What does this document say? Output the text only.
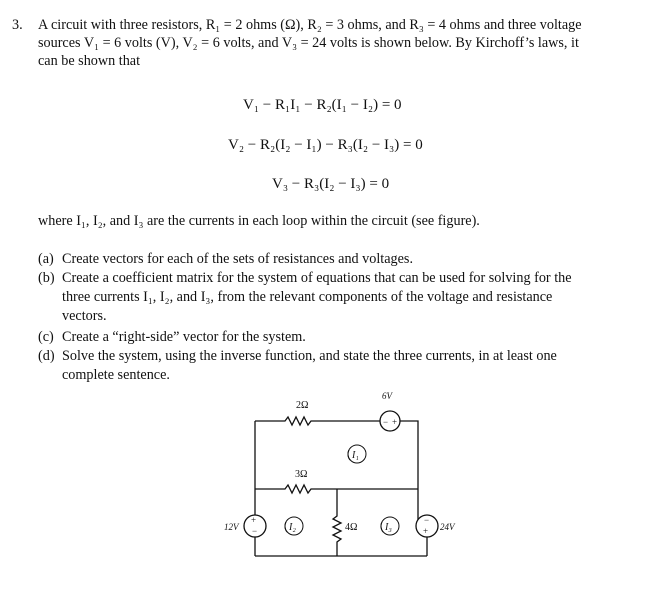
3. A circuit with three resistors, R₁ = 2 ohms (Ω), R₂ = 3 ohms, and R₃ = 4 ohms and three voltage
sources V₁ = 6 volts (V), V₂ = 6 volts, and V₃ = 24 volts is shown below. By Kirchoff’s laws, it
can be shown that
V₁ − R₁I₁ − R₂(I₁ − I₂) = 0
V₂ − R₂(I₂ − I₁) − R₃(I₂ − I₃) = 0
V₃ − R₃(I₂ − I₃) = 0
where I₁, I₂, and I₃ are the currents in each loop within the circuit (see figure).
(a) Create vectors for each of the sets of resistances and voltages.
(b) Create a coefficient matrix for the system of equations that can be used for solving for the
three currents I₁, I₂, and I₃, from the relevant components of the voltage and resistance
vectors.
(c) Create a “right-side” vector for the system.
(d) Solve the system, using the inverse function, and state the three currents, in at least one
complete sentence.
− +
+
−
−
+
I₁
I₂	I₃
2Ω
3Ω
4Ω
6V
12V	24V
